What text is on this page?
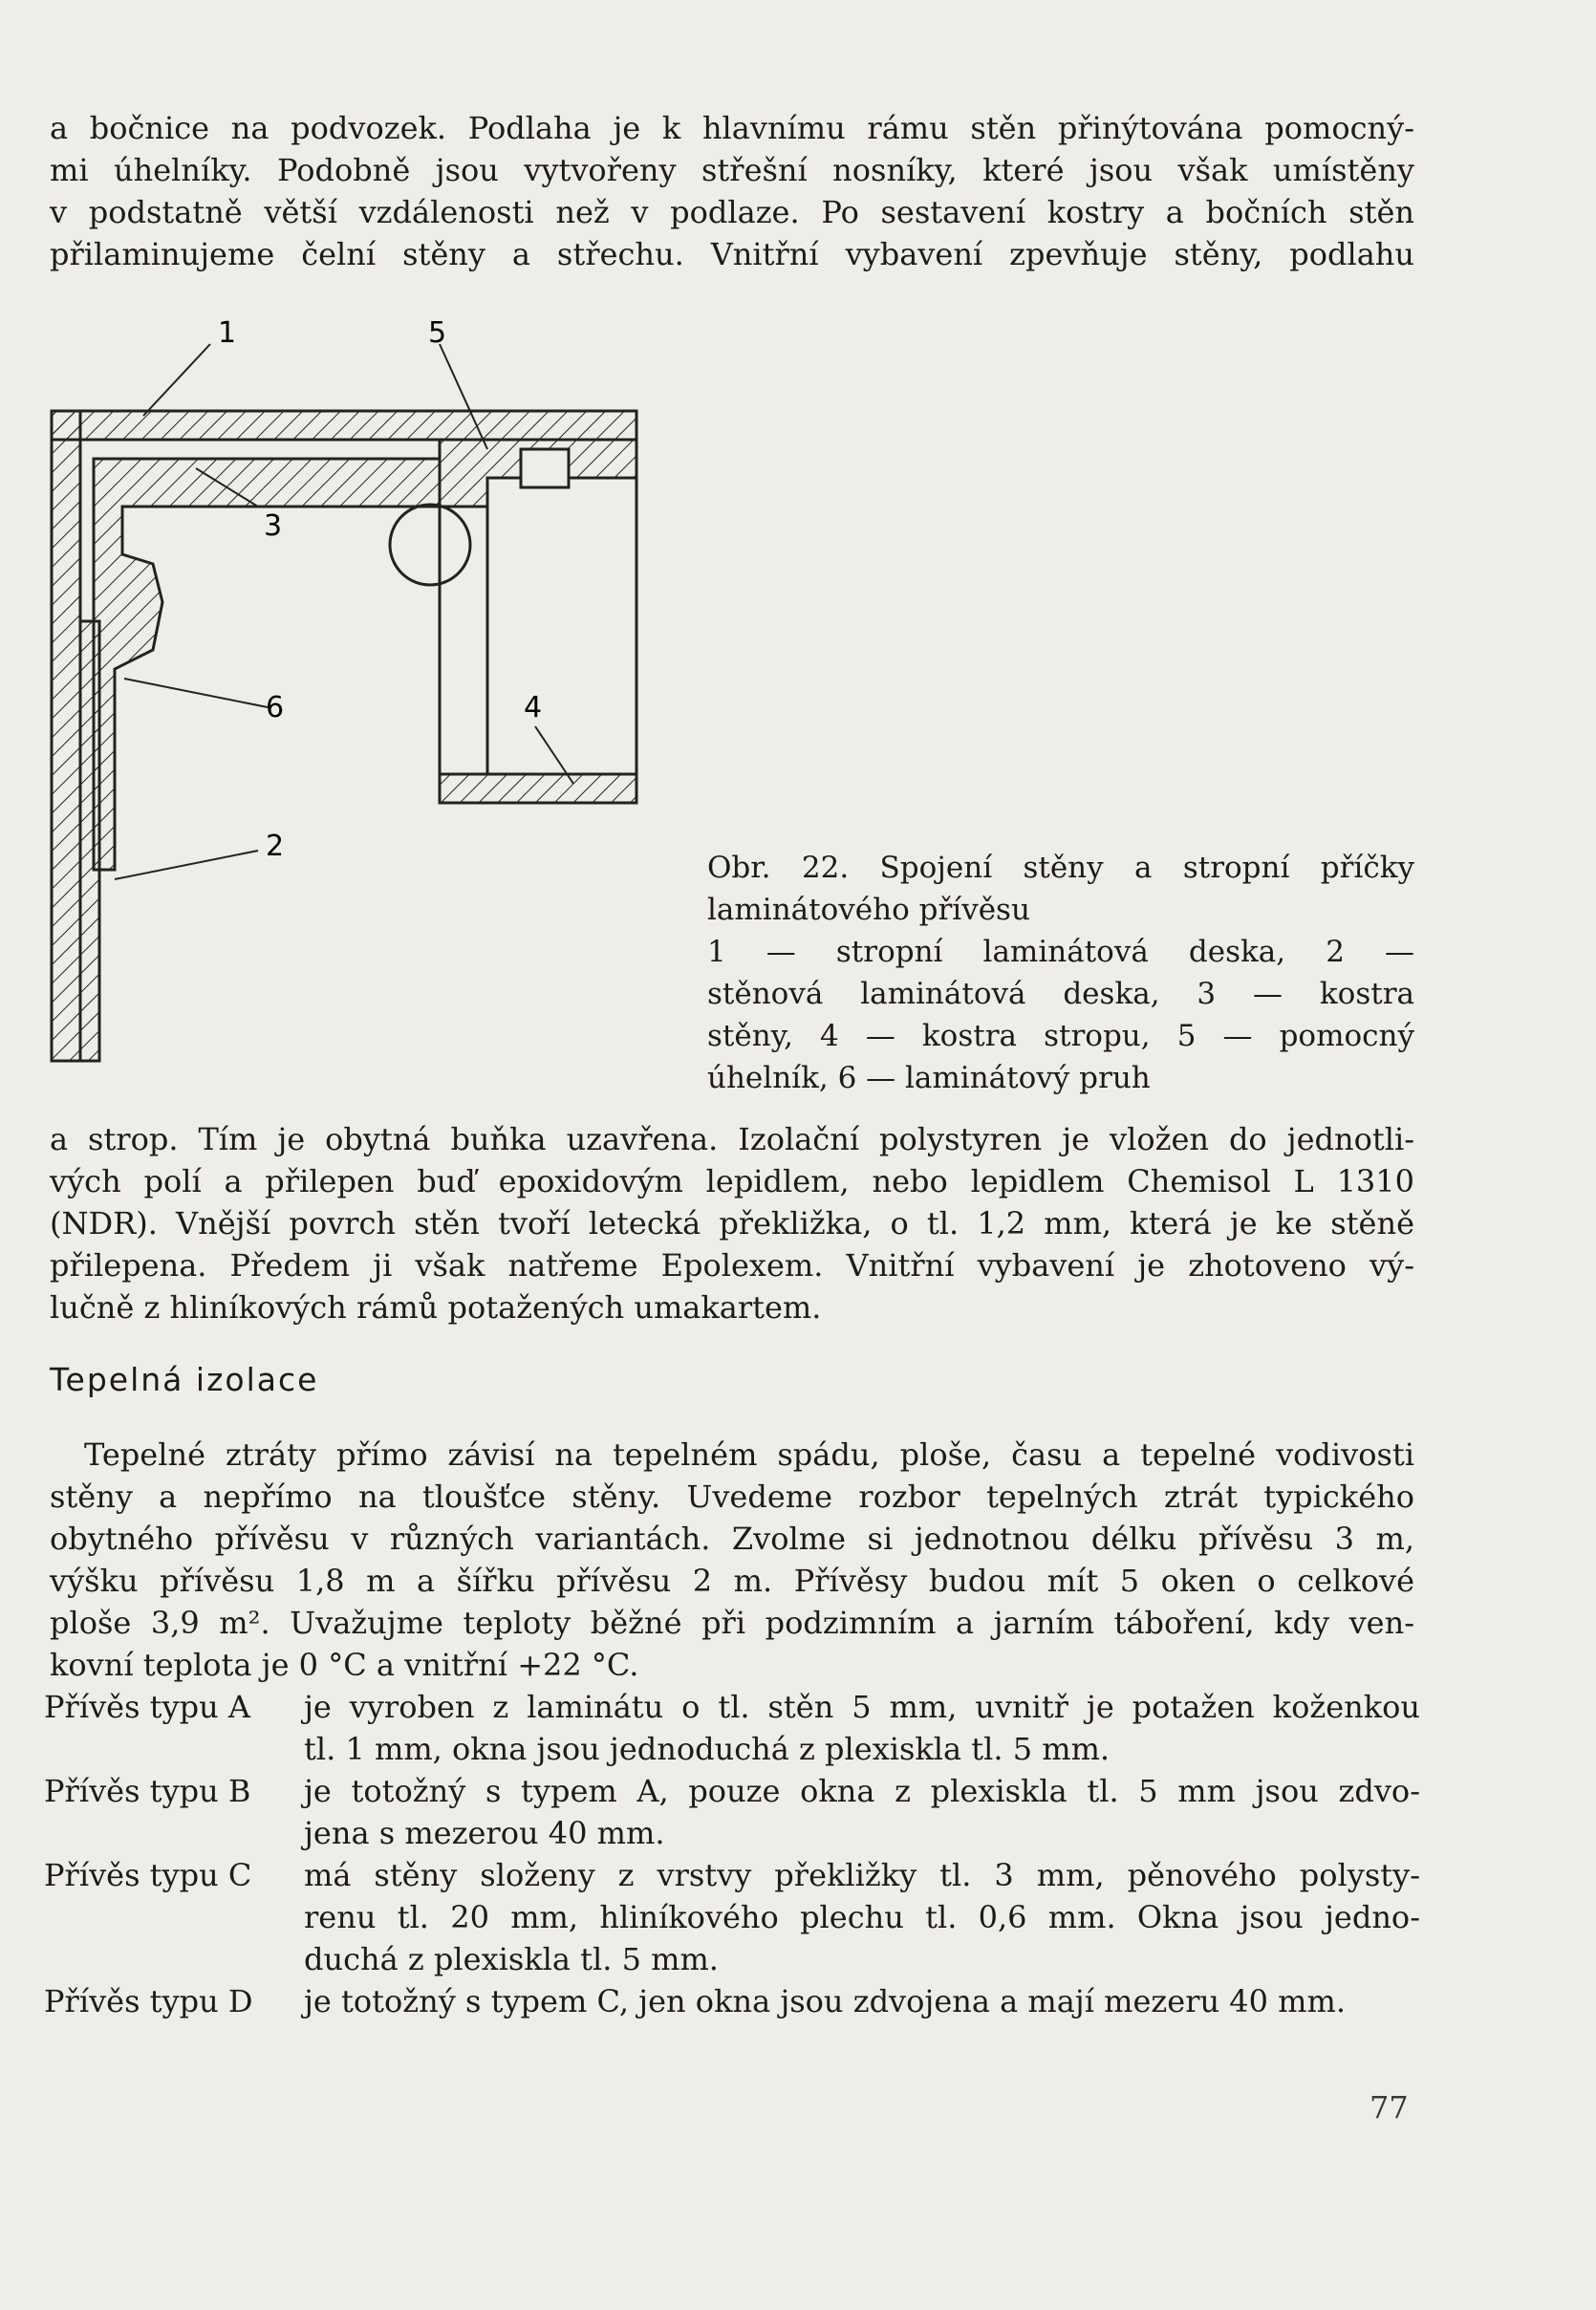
a bočnice na podvozek. Podlaha je k hlavnímu rámu stěn přinýtována pomocný-
mi úhelníky. Podobně jsou vytvořeny střešní nosníky, které jsou však umístěny
v podstatně větší vzdálenosti než v podlaze. Po sestavení kostry a bočních stěn
přilaminujeme čelní stěny a střechu. Vnitřní vybavení zpevňuje stěny, podlahu
1	5
3
4
6
2
Obr. 22. Spojení stěny a stropní příčky
laminátového přívěsu
1 — stropní laminátová deska, 2 —
stěnová laminátová deska, 3 — kostra
stěny, 4 — kostra stropu, 5 — pomocný
úhelník, 6 — laminátový pruh
a strop. Tím je obytná buňka uzavřena. Izolační polystyren je vložen do jednotli-
vých polí a přilepen buď epoxidovým lepidlem, nebo lepidlem Chemisol L 1310
(NDR). Vnější povrch stěn tvoří letecká překližka, o tl. 1,2 mm, která je ke stěně
přilepena. Předem ji však natřeme Epolexem. Vnitřní vybavení je zhotoveno vý-
lučně z hliníkových rámů potažených umakartem.
Tepelná izolace
Tepelné ztráty přímo závisí na tepelném spádu, ploše, času a tepelné vodivosti
stěny a nepřímo na tloušťce stěny. Uvedeme rozbor tepelných ztrát typického
obytného přívěsu v různých variantách. Zvolme si jednotnou délku přívěsu 3 m,
výšku přívěsu 1,8 m a šířku přívěsu 2 m. Přívěsy budou mít 5 oken o celkové
ploše 3,9 m². Uvažujme teploty běžné při podzimním a jarním táboření, kdy ven-
kovní teplota je 0 °C a vnitřní +22 °C.
Přívěs typu A	je vyroben z laminátu o tl. stěn 5 mm, uvnitř je potažen koženkou
tl. 1 mm, okna jsou jednoduchá z plexiskla tl. 5 mm.
Přívěs typu B	je totožný s typem A, pouze okna z plexiskla tl. 5 mm jsou zdvo-
jena s mezerou 40 mm.
Přívěs typu C	má stěny složeny z vrstvy překližky tl. 3 mm, pěnového polysty-
renu tl. 20 mm, hliníkového plechu tl. 0,6 mm. Okna jsou jedno-
duchá z plexiskla tl. 5 mm.
Přívěs typu D	je totožný s typem C, jen okna jsou zdvojena a mají mezeru 40 mm.
77
